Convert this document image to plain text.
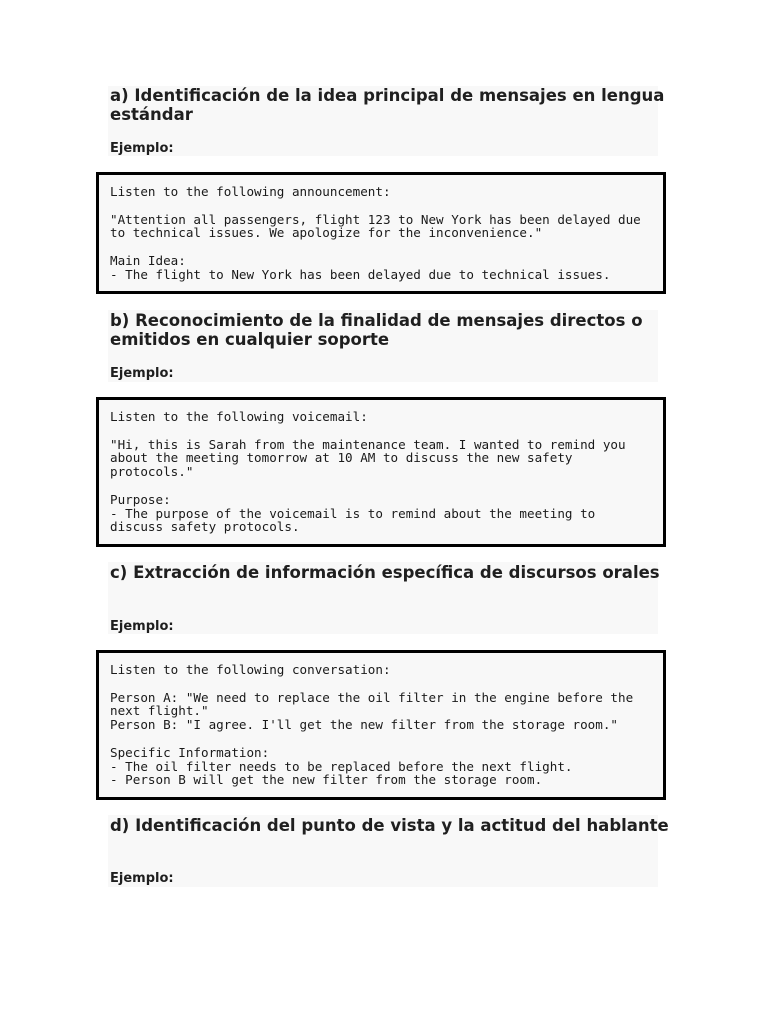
a) Identificación de la idea principal de mensajes en lengua estándar
Ejemplo:
Listen to the following announcement:
"Attention all passengers, flight 123 to New York has been delayed due
to technical issues. We apologize for the inconvenience."
Main Idea:
- The flight to New York has been delayed due to technical issues.
b) Reconocimiento de la finalidad de mensajes directos o emitidos en cualquier soporte
Ejemplo:
Listen to the following voicemail:
"Hi, this is Sarah from the maintenance team. I wanted to remind you
about the meeting tomorrow at 10 AM to discuss the new safety
protocols."
Purpose:
- The purpose of the voicemail is to remind about the meeting to
discuss safety protocols.
c) Extracción de información específica de discursos orales
Ejemplo:
Listen to the following conversation:
Person A: "We need to replace the oil filter in the engine before the
next flight."
Person B: "I agree. I'll get the new filter from the storage room."
Specific Information:
- The oil filter needs to be replaced before the next flight.
- Person B will get the new filter from the storage room.
d) Identificación del punto de vista y la actitud del hablante
Ejemplo:
